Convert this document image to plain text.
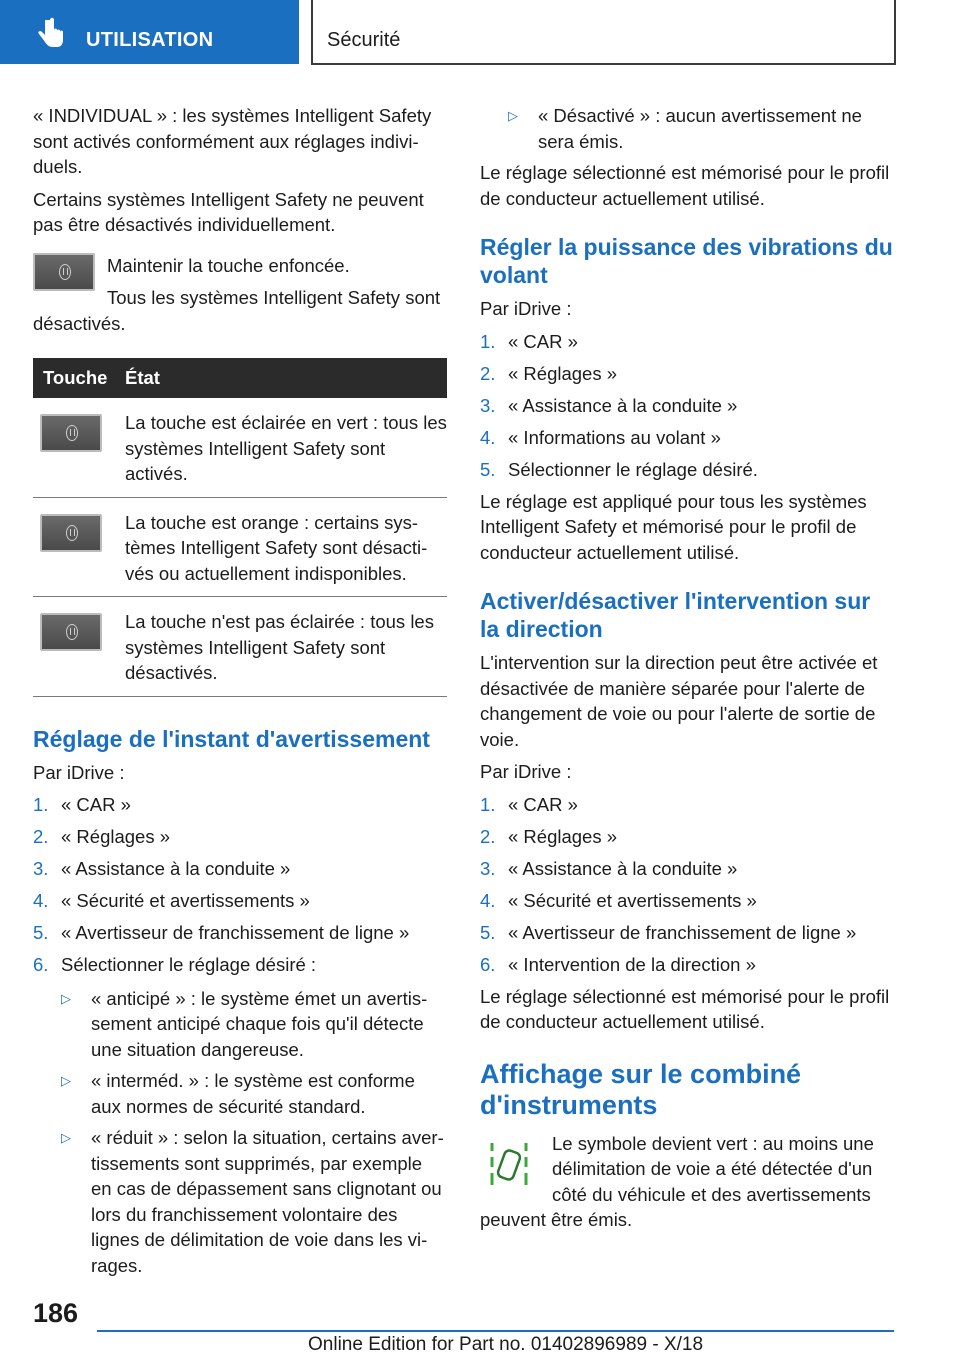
UTILISATION	Sécurité

« INDIVIDUAL » : les systèmes Intelligent Safety sont activés conformément aux réglages individuels.

Certains systèmes Intelligent Safety ne peuvent pas être désactivés individuellement.

Maintenir la touche enfoncée.

Tous les systèmes Intelligent Safety sont désactivés.

Touche	État

	La touche est éclairée en vert : tous les systèmes Intelligent Safety sont activés.

	La touche est orange : certains systèmes Intelligent Safety sont désactivés ou actuellement indisponibles.

	La touche n'est pas éclairée : tous les systèmes Intelligent Safety sont désactivés.
Réglage de l'instant d'avertissement

Par iDrive :

1. « CAR »
2. « Réglages »
3. « Assistance à la conduite »
4. « Sécurité et avertissements »
5. « Avertisseur de franchissement de ligne »
6. Sélectionner le réglage désiré :
▷ « anticipé » : le système émet un avertissement anticipé chaque fois qu'il détecte une situation dangereuse.
▷ « interméd. » : le système est conforme aux normes de sécurité standard.
▷ « réduit » : selon la situation, certains avertissements sont supprimés, par exemple en cas de dépassement sans clignotant ou lors du franchissement volontaire des lignes de délimitation de voie dans les virages.
▷ « Désactivé » : aucun avertissement ne sera émis.

Le réglage sélectionné est mémorisé pour le profil de conducteur actuellement utilisé.

Régler la puissance des vibrations du volant

Par iDrive :

1. « CAR »
2. « Réglages »
3. « Assistance à la conduite »
4. « Informations au volant »
5. Sélectionner le réglage désiré.

Le réglage est appliqué pour tous les systèmes Intelligent Safety et mémorisé pour le profil de conducteur actuellement utilisé.

Activer/désactiver l'intervention sur la direction

L'intervention sur la direction peut être activée et désactivée de manière séparée pour l'alerte de changement de voie ou pour l'alerte de sortie de voie.

Par iDrive :

1. « CAR »
2. « Réglages »
3. « Assistance à la conduite »
4. « Sécurité et avertissements »
5. « Avertisseur de franchissement de ligne »
6. « Intervention de la direction »

Le réglage sélectionné est mémorisé pour le profil de conducteur actuellement utilisé.

Affichage sur le combiné d'instruments

Le symbole devient vert : au moins une délimitation de voie a été détectée d'un côté du véhicule et des avertissements peuvent être émis.

186
Online Edition for Part no. 01402896989 - X/18
